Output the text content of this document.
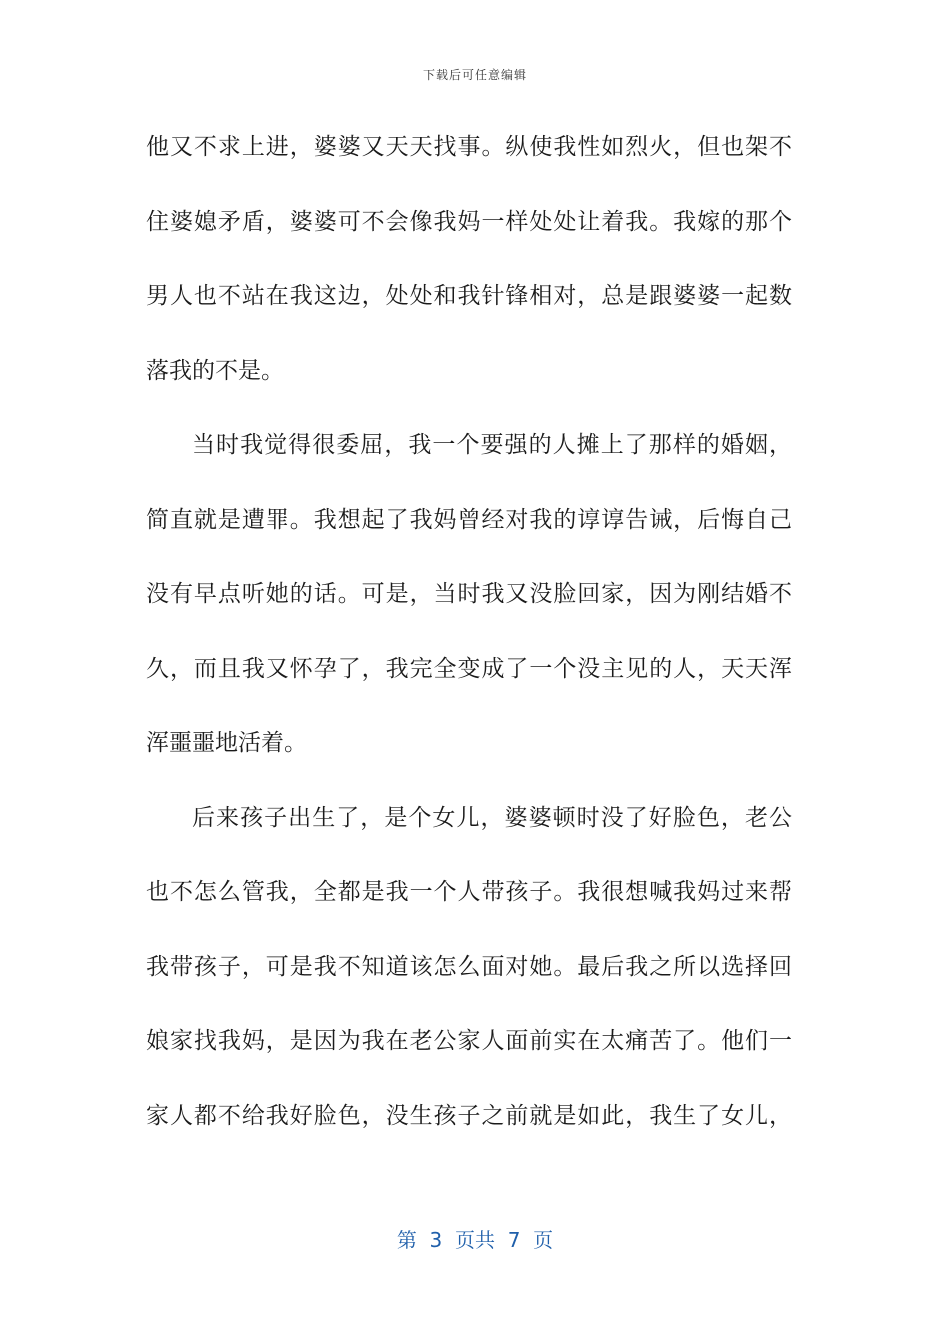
下载后可任意编辑
他又不求上进，婆婆又天天找事。纵使我性如烈火，但也架不
住婆媳矛盾，婆婆可不会像我妈一样处处让着我。我嫁的那个
男人也不站在我这边，处处和我针锋相对，总是跟婆婆一起数
落我的不是。
当时我觉得很委屈，我一个要强的人摊上了那样的婚姻，
简直就是遭罪。我想起了我妈曾经对我的谆谆告诫，后悔自己
没有早点听她的话。可是，当时我又没脸回家，因为刚结婚不
久，而且我又怀孕了，我完全变成了一个没主见的人，天天浑
浑噩噩地活着。
后来孩子出生了，是个女儿，婆婆顿时没了好脸色，老公
也不怎么管我，全都是我一个人带孩子。我很想喊我妈过来帮
我带孩子，可是我不知道该怎么面对她。最后我之所以选择回
娘家找我妈，是因为我在老公家人面前实在太痛苦了。他们一
家人都不给我好脸色，没生孩子之前就是如此，我生了女儿，
第  3  页共  7  页
